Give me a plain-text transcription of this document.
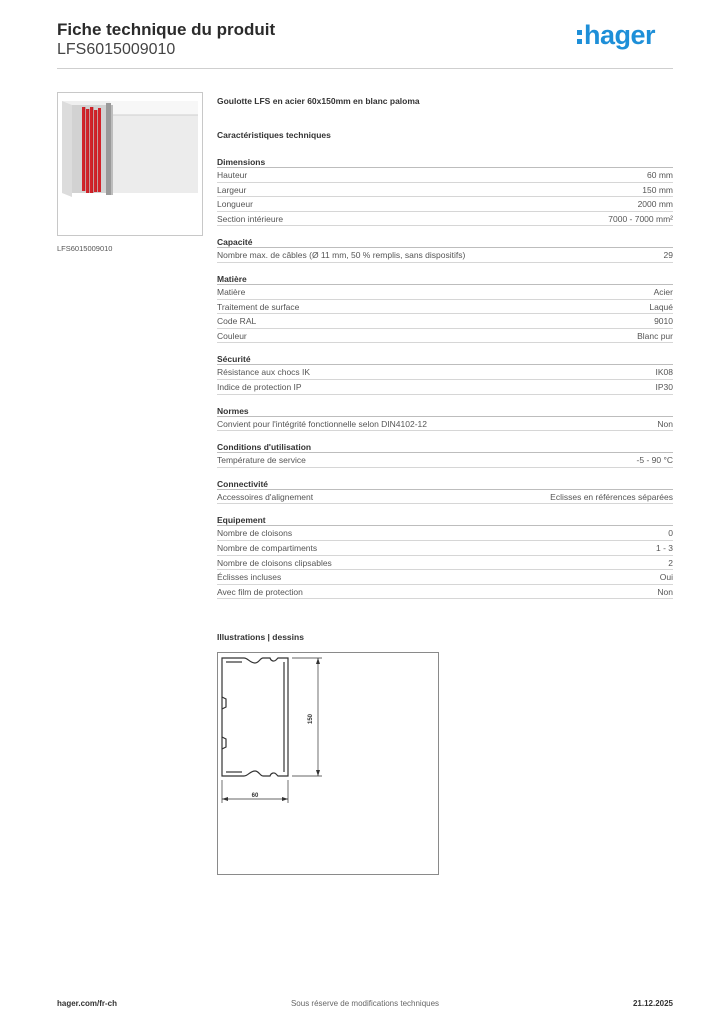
Fiche technique du produit
LFS6015009010	hager
LFS6015009010
Goulotte LFS en acier 60x150mm en blanc paloma
Caractéristiques techniques
Dimensions
Hauteur	60 mm
Largeur	150 mm
Longueur	2000 mm
Section intérieure	7000 - 7000 mm²
Capacité
Nombre max. de câbles (Ø 11 mm, 50 % remplis, sans dispositifs)	29
Matière
Matière	Acier
Traitement de surface	Laqué
Code RAL	9010
Couleur	Blanc pur
Sécurité
Résistance aux chocs IK	IK08
Indice de protection IP	IP30
Normes
Convient pour l'intégrité fonctionnelle selon DIN4102-12	Non
Conditions d'utilisation
Température de service	-5 - 90 °C
Connectivité
Accessoires d'alignement	Eclisses en références séparées
Equipement
Nombre de cloisons	0
Nombre de compartiments	1 - 3
Nombre de cloisons clipsables	2
Éclisses incluses	Oui
Avec film de protection	Non
Illustrations | dessins
150
60
hager.com/fr-ch	Sous réserve de modifications techniques	21.12.2025
